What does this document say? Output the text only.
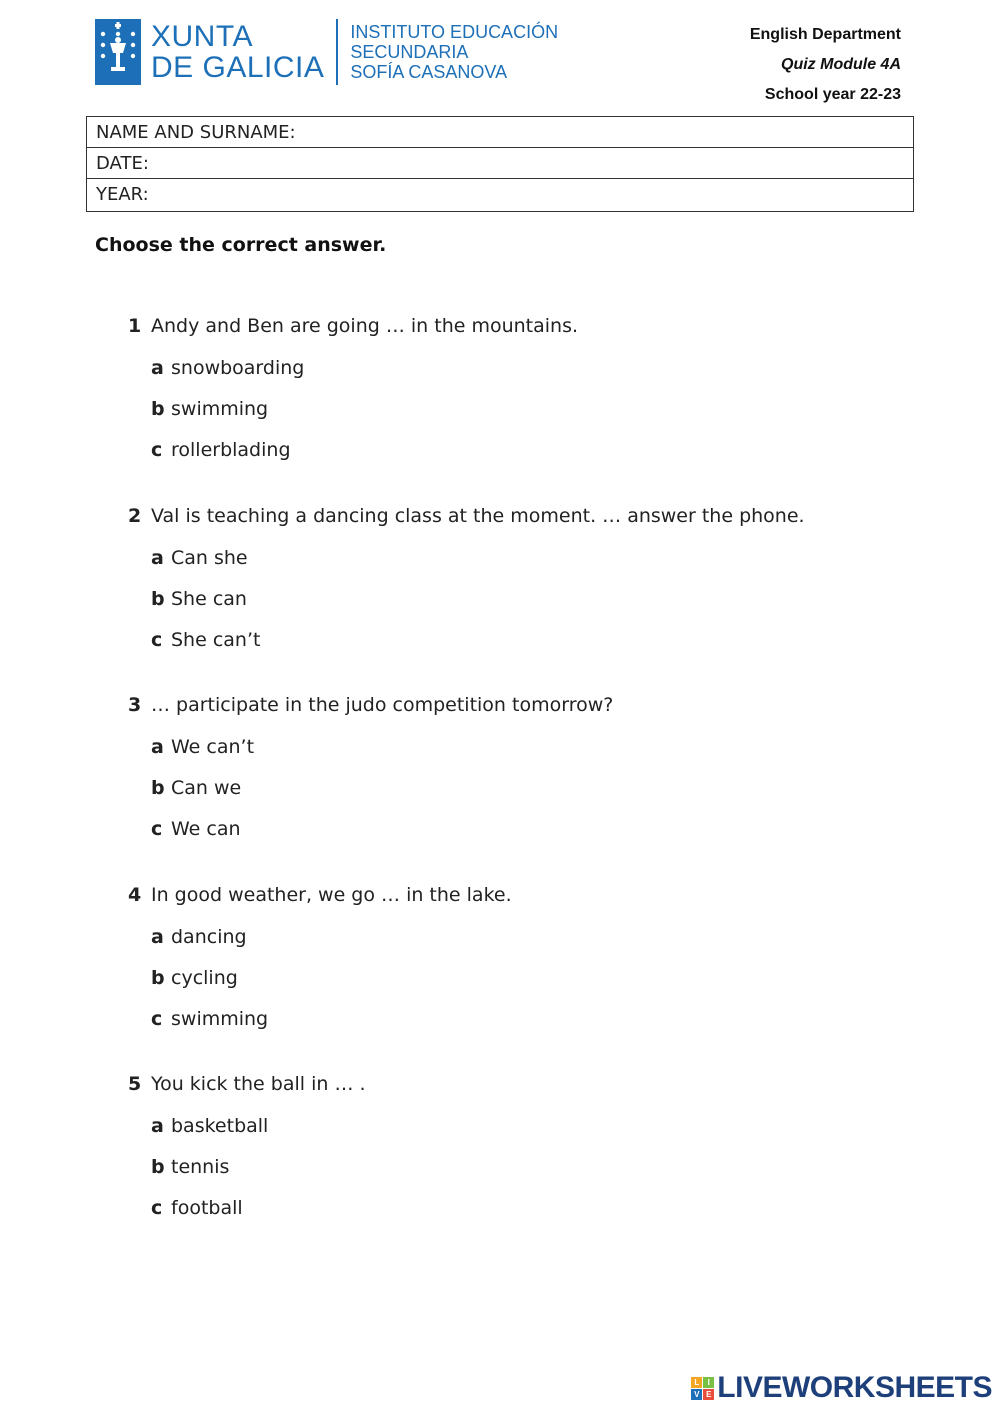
XUNTA
DE GALICIA
INSTITUTO EDUCACIÓN
SECUNDARIA
SOFÍA CASANOVA
English Department
Quiz Module 4A
School year 22-23
NAME AND SURNAME:
DATE:
YEAR:
Choose the correct answer.
1 Andy and Ben are going … in the mountains.
a snowboarding
b swimming
c rollerblading
2 Val is teaching a dancing class at the moment. … answer the phone.
a Can she
b She can
c She can’t
3 … participate in the judo competition tomorrow?
a We can’t
b Can we
c We can
4 In good weather, we go … in the lake.
a dancing
b cycling
c swimming
5 You kick the ball in … .
a basketball
b tennis
c football
L	I
V E LIVEWORKSHEETS
